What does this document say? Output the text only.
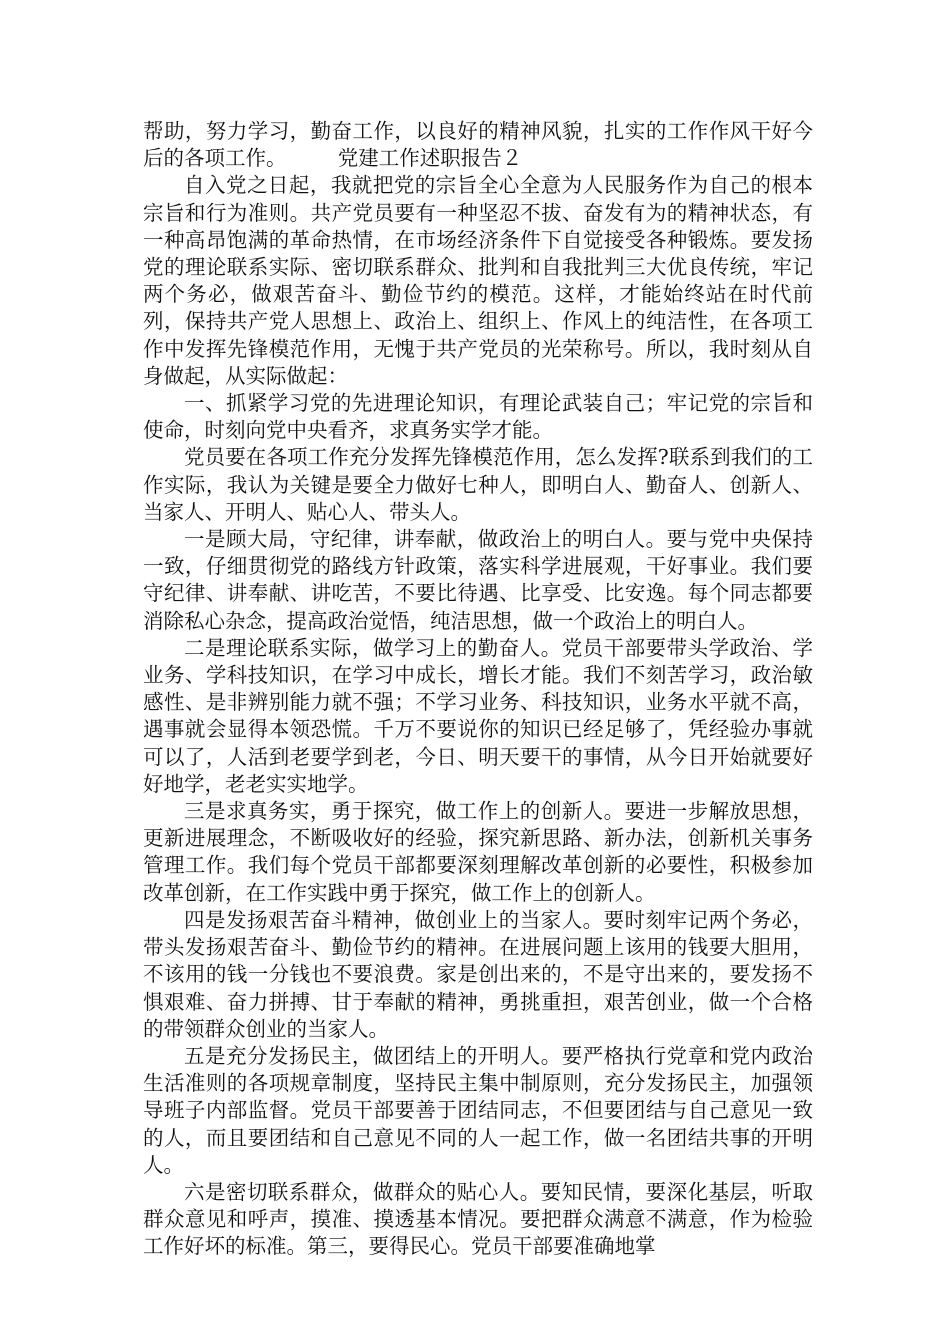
帮助，努力学习，勤奋工作，以良好的精神风貌，扎实的工作作风干好今后的各项工作。　　　党建工作述职报告２

自入党之日起，我就把党的宗旨全心全意为人民服务作为自己的根本宗旨和行为准则。共产党员要有一种坚忍不拔、奋发有为的精神状态，有一种高昂饱满的革命热情，在市场经济条件下自觉接受各种锻炼。要发扬党的理论联系实际、密切联系群众、批判和自我批判三大优良传统，牢记两个务必，做艰苦奋斗、勤俭节约的模范。这样，才能始终站在时代前列，保持共产党人思想上、政治上、组织上、作风上的纯洁性，在各项工作中发挥先锋模范作用，无愧于共产党员的光荣称号。所以，我时刻从自身做起，从实际做起：

一、抓紧学习党的先进理论知识，有理论武装自己；牢记党的宗旨和使命，时刻向党中央看齐，求真务实学才能。

党员要在各项工作充分发挥先锋模范作用，怎么发挥?联系到我们的工作实际，我认为关键是要全力做好七种人，即明白人、勤奋人、创新人、当家人、开明人、贴心人、带头人。

一是顾大局，守纪律，讲奉献，做政治上的明白人。要与党中央保持一致，仔细贯彻党的路线方针政策，落实科学进展观，干好事业。我们要守纪律、讲奉献、讲吃苦，不要比待遇、比享受、比安逸。每个同志都要消除私心杂念，提高政治觉悟，纯洁思想，做一个政治上的明白人。

二是理论联系实际，做学习上的勤奋人。党员干部要带头学政治、学业务、学科技知识，在学习中成长，增长才能。我们不刻苦学习，政治敏感性、是非辨别能力就不强；不学习业务、科技知识，业务水平就不高，遇事就会显得本领恐慌。千万不要说你的知识已经足够了，凭经验办事就可以了，人活到老要学到老，今日、明天要干的事情，从今日开始就要好好地学，老老实实地学。

三是求真务实，勇于探究，做工作上的创新人。要进一步解放思想，更新进展理念，不断吸收好的经验，探究新思路、新办法，创新机关事务管理工作。我们每个党员干部都要深刻理解改革创新的必要性，积极参加改革创新，在工作实践中勇于探究，做工作上的创新人。

四是发扬艰苦奋斗精神，做创业上的当家人。要时刻牢记两个务必，带头发扬艰苦奋斗、勤俭节约的精神。在进展问题上该用的钱要大胆用，不该用的钱一分钱也不要浪费。家是创出来的，不是守出来的，要发扬不惧艰难、奋力拼搏、甘于奉献的精神，勇挑重担，艰苦创业，做一个合格的带领群众创业的当家人。

五是充分发扬民主，做团结上的开明人。要严格执行党章和党内政治生活准则的各项规章制度，坚持民主集中制原则，充分发扬民主，加强领导班子内部监督。党员干部要善于团结同志，不但要团结与自己意见一致的人，而且要团结和自己意见不同的人一起工作，做一名团结共事的开明人。

六是密切联系群众，做群众的贴心人。要知民情，要深化基层，听取群众意见和呼声，摸准、摸透基本情况。要把群众满意不满意，作为检验工作好坏的标准。第三，要得民心。党员干部要准确地掌
